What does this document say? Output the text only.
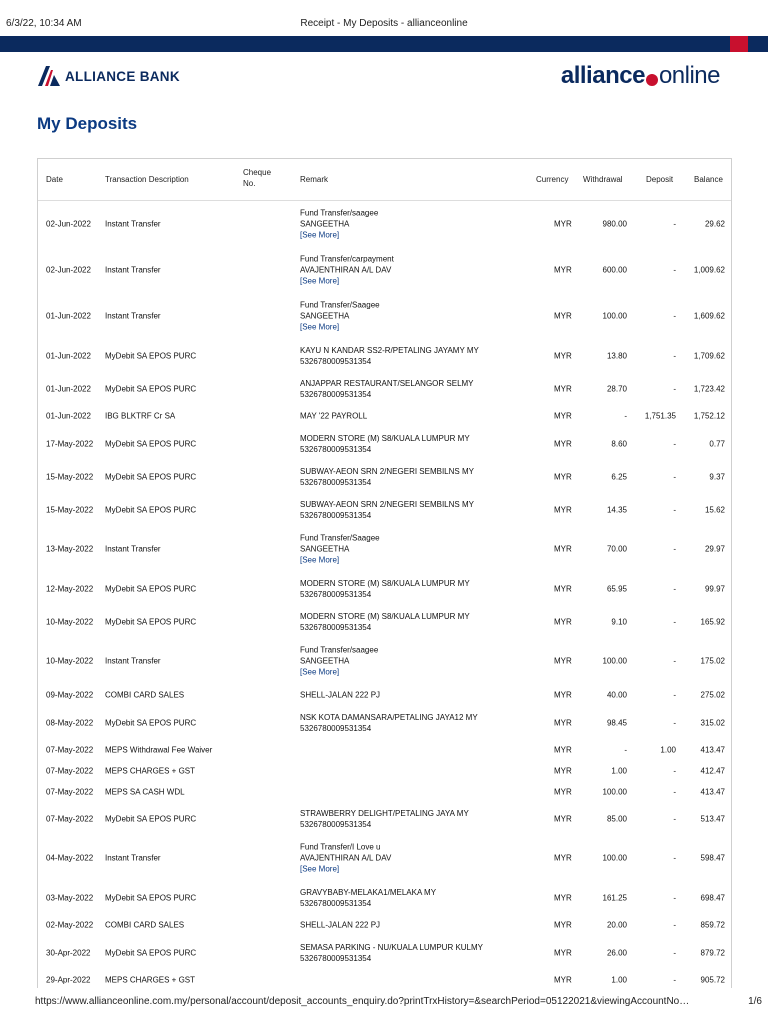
6/3/22, 10:34 AM	Receipt - My Deposits - allianceonline
ALLIANCE BANK	alliance online
My Deposits
Date	Transaction Description
Cheque
No.	Remark	Currency Withdrawal	Deposit	Balance
02-Jun-2022 Instant Transfer
Fund Transfer/saagee
SANGEETHA
[See More]
MYR	980.00	-	29.62
02-Jun-2022 Instant Transfer
Fund Transfer/carpayment
AVAJENTHIRAN A/L DAV
[See More]
MYR	600.00	- 1,009.62
01-Jun-2022 Instant Transfer
Fund Transfer/Saagee
SANGEETHA
[See More]
MYR	100.00	- 1,609.62
01-Jun-2022 MyDebit SA EPOS PURC
KAYU N KANDAR SS2-R/PETALING JAYAMY MY
5326780009531354
MYR	13.80	- 1,709.62
01-Jun-2022 MyDebit SA EPOS PURC
ANJAPPAR RESTAURANT/SELANGOR SELMY
5326780009531354
MYR	28.70	- 1,723.42
01-Jun-2022 IBG BLKTRF Cr SA	MAY '22 PAYROLL	MYR	- 1,751.35 1,752.12
17-May-2022 MyDebit SA EPOS PURC
MODERN STORE (M) S8/KUALA LUMPUR MY
5326780009531354
MYR	8.60	-	0.77
15-May-2022 MyDebit SA EPOS PURC
SUBWAY-AEON SRN 2/NEGERI SEMBILNS MY
5326780009531354
MYR	6.25	-	9.37
15-May-2022 MyDebit SA EPOS PURC
SUBWAY-AEON SRN 2/NEGERI SEMBILNS MY
5326780009531354
MYR	14.35	-	15.62
13-May-2022 Instant Transfer
Fund Transfer/Saagee
SANGEETHA
[See More]
MYR	70.00	-	29.97
12-May-2022 MyDebit SA EPOS PURC
MODERN STORE (M) S8/KUALA LUMPUR MY
5326780009531354
MYR	65.95	-	99.97
10-May-2022 MyDebit SA EPOS PURC
MODERN STORE (M) S8/KUALA LUMPUR MY
5326780009531354
MYR	9.10	-	165.92
10-May-2022 Instant Transfer
Fund Transfer/saagee
SANGEETHA
[See More]
MYR	100.00	-	175.02
09-May-2022 COMBI CARD SALES	SHELL-JALAN 222 PJ	MYR	40.00	-	275.02
08-May-2022 MyDebit SA EPOS PURC
NSK KOTA DAMANSARA/PETALING JAYA12 MY
5326780009531354
MYR	98.45	-	315.02
07-May-2022 MEPS Withdrawal Fee Waiver	MYR	-	1.00	413.47
07-May-2022 MEPS CHARGES + GST	MYR	1.00	-	412.47
07-May-2022 MEPS SA CASH WDL	MYR	100.00	-	413.47
07-May-2022 MyDebit SA EPOS PURC
STRAWBERRY DELIGHT/PETALING JAYA MY
5326780009531354
MYR	85.00	-	513.47
04-May-2022 Instant Transfer
Fund Transfer/I Love u
AVAJENTHIRAN A/L DAV
[See More]
MYR	100.00	-	598.47
03-May-2022 MyDebit SA EPOS PURC
GRAVYBABY-MELAKA1/MELAKA MY
5326780009531354
MYR	161.25	-	698.47
02-May-2022 COMBI CARD SALES	SHELL-JALAN 222 PJ	MYR	20.00	-	859.72
30-Apr-2022 MyDebit SA EPOS PURC
SEMASA PARKING - NU/KUALA LUMPUR KULMY
5326780009531354
MYR	26.00	-	879.72
29-Apr-2022 MEPS CHARGES + GST	MYR	1.00	-	905.72
https://www.allianceonline.com.my/personal/account/deposit_accounts_enquiry.do?printTrxHistory=&searchPeriod=05122021&viewingAccountNo…	1/6
